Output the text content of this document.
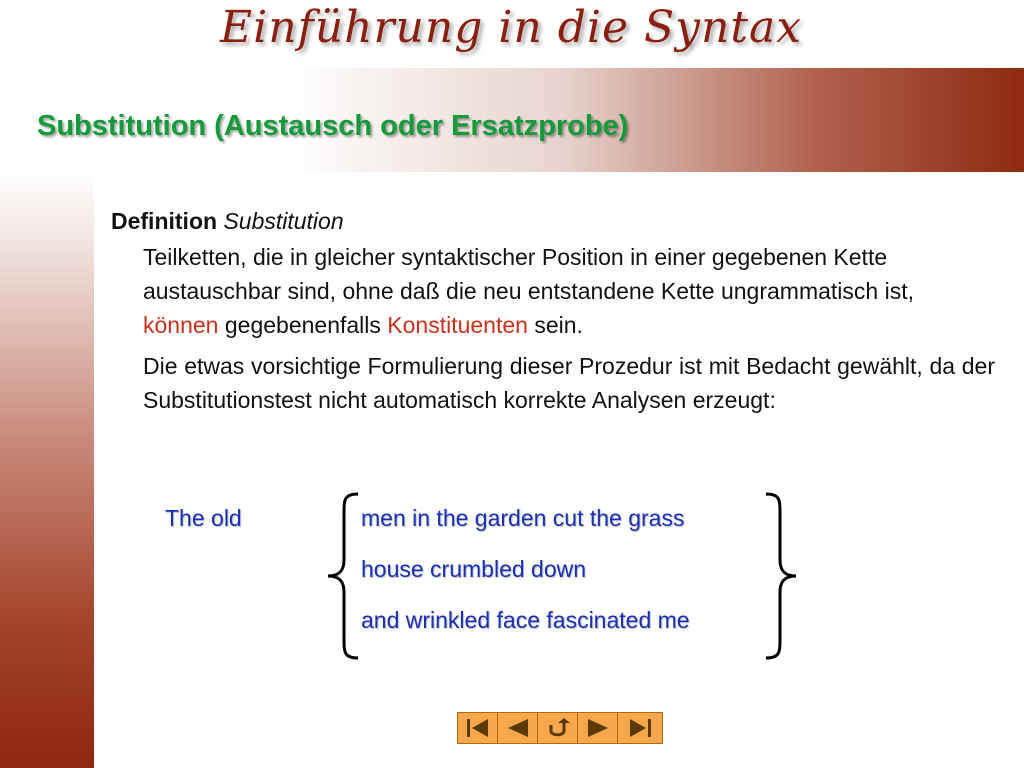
Einführung in die Syntax
Substitution (Austausch oder Ersatzprobe)
Definition Substitution
Teilketten, die in gleicher syntaktischer Position in einer gegebenen Kette austauschbar sind, ohne daß die neu entstandene Kette ungrammatisch ist, können gegebenenfalls Konstituenten sein.
Die etwas vorsichtige Formulierung dieser Prozedur ist mit Bedacht gewählt, da der Substitutionstest nicht automatisch korrekte Analysen erzeugt:
The old	men in the garden cut the grass
house crumbled down
and wrinkled face fascinated me
